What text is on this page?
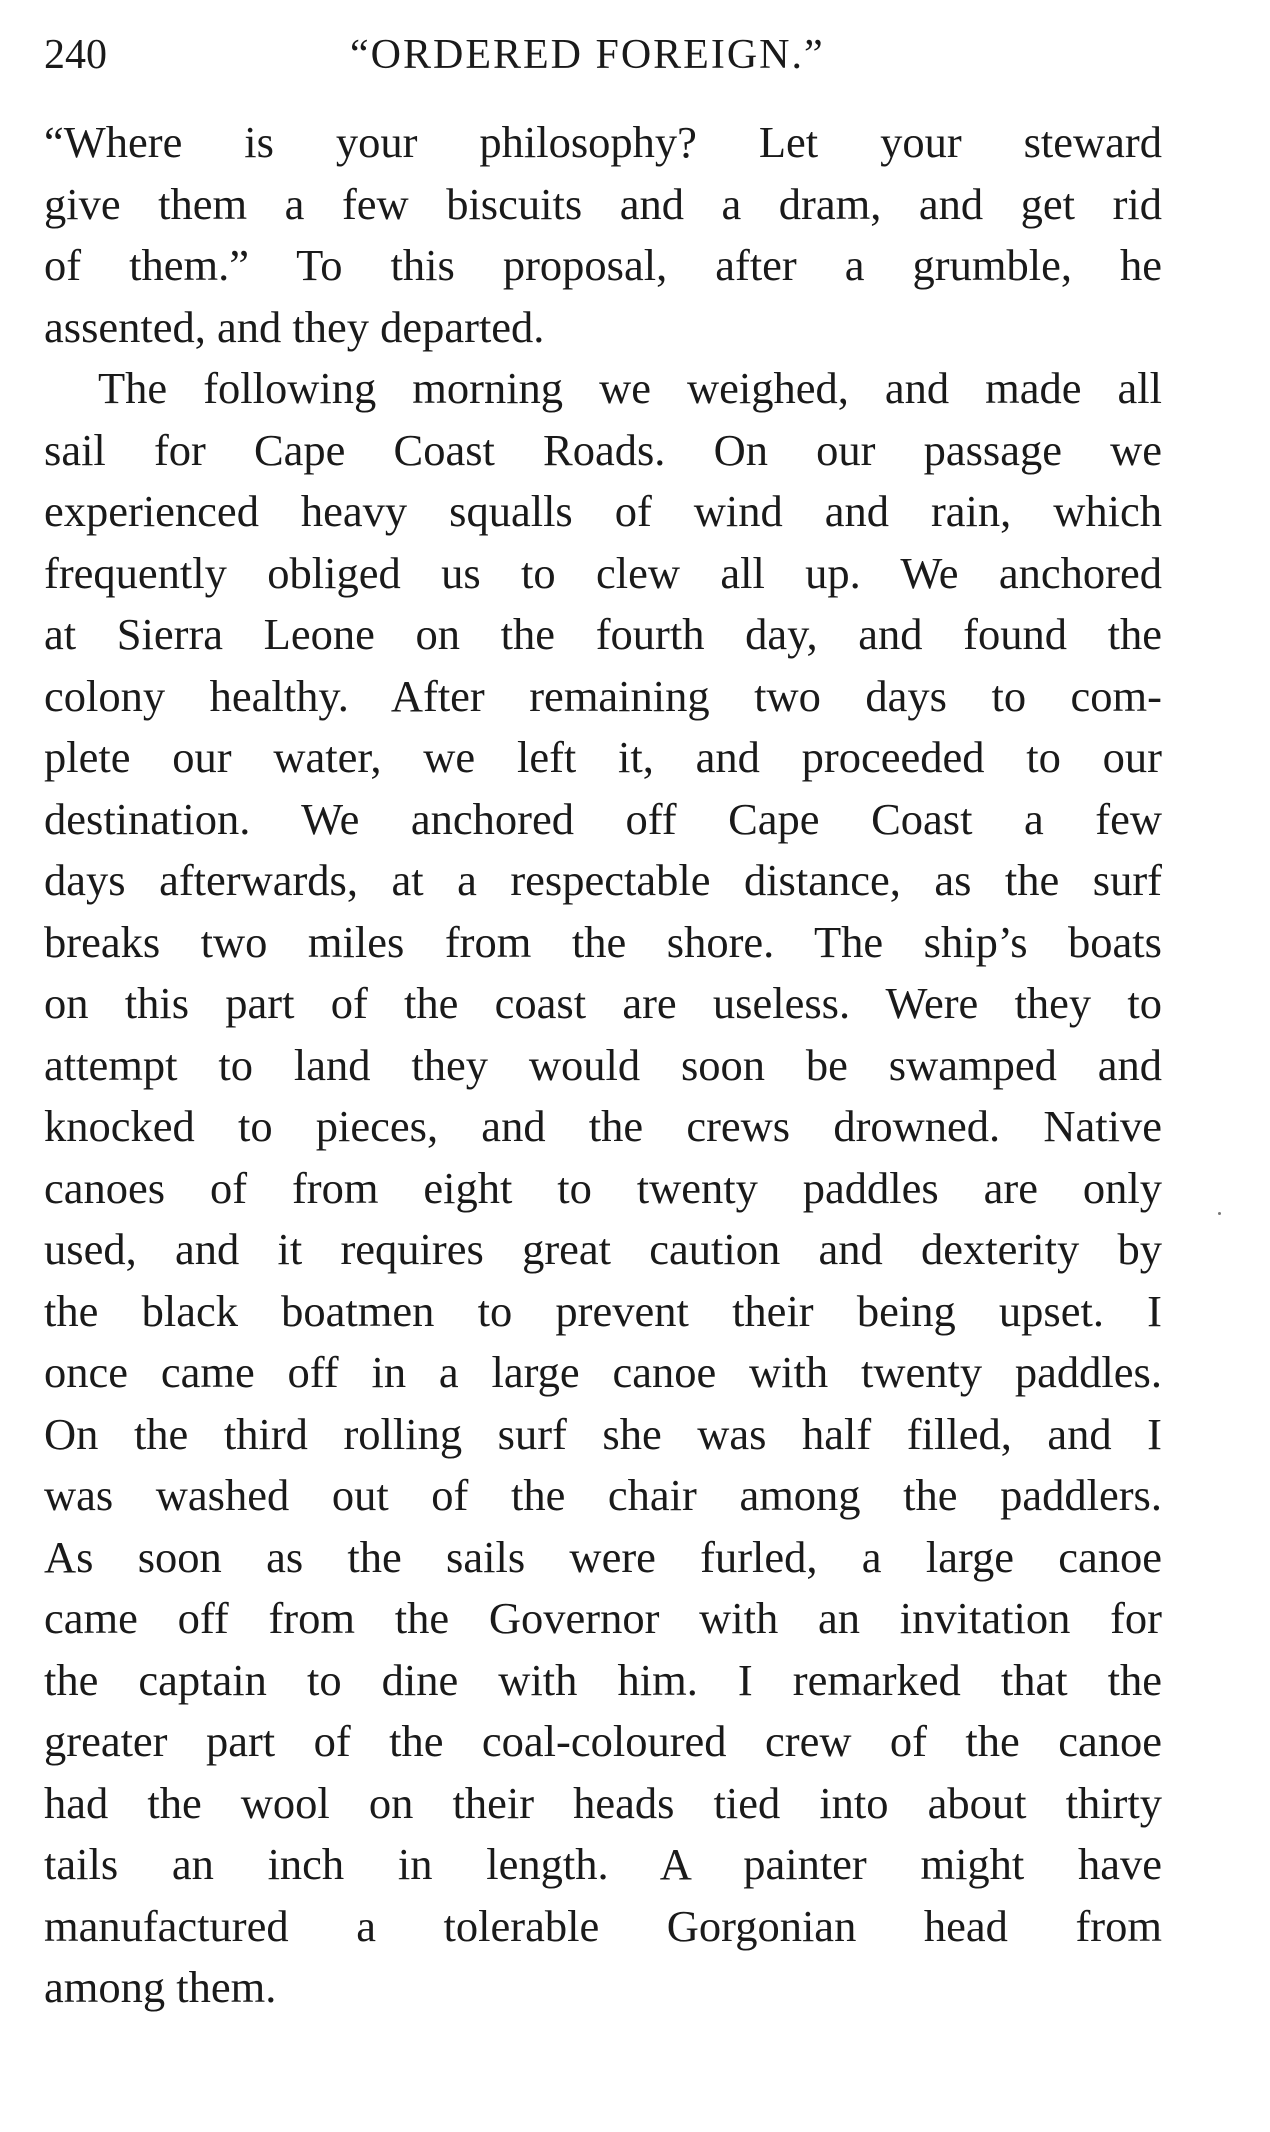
240	“ORDERED FOREIGN.”
“Where is your philosophy? Let your steward
give them a few biscuits and a dram, and get rid
of them.” To this proposal, after a grumble, he
assented, and they departed.
The following morning we weighed, and made all
sail for Cape Coast Roads. On our passage we
experienced heavy squalls of wind and rain, which
frequently obliged us to clew all up. We anchored
at Sierra Leone on the fourth day, and found the
colony healthy. After remaining two days to com-
plete our water, we left it, and proceeded to our
destination. We anchored off Cape Coast a few
days afterwards, at a respectable distance, as the surf
breaks two miles from the shore. The ship’s boats
on this part of the coast are useless. Were they to
attempt to land they would soon be swamped and
knocked to pieces, and the crews drowned. Native
canoes of from eight to twenty paddles are only
used, and it requires great caution and dexterity by
the black boatmen to prevent their being upset. I
once came off in a large canoe with twenty paddles.
On the third rolling surf she was half filled, and I
was washed out of the chair among the paddlers.
As soon as the sails were furled, a large canoe
came off from the Governor with an invitation for
the captain to dine with him. I remarked that the
greater part of the coal-coloured crew of the canoe
had the wool on their heads tied into about thirty
tails an inch in length. A painter might have
manufactured a tolerable Gorgonian head from
among them.
